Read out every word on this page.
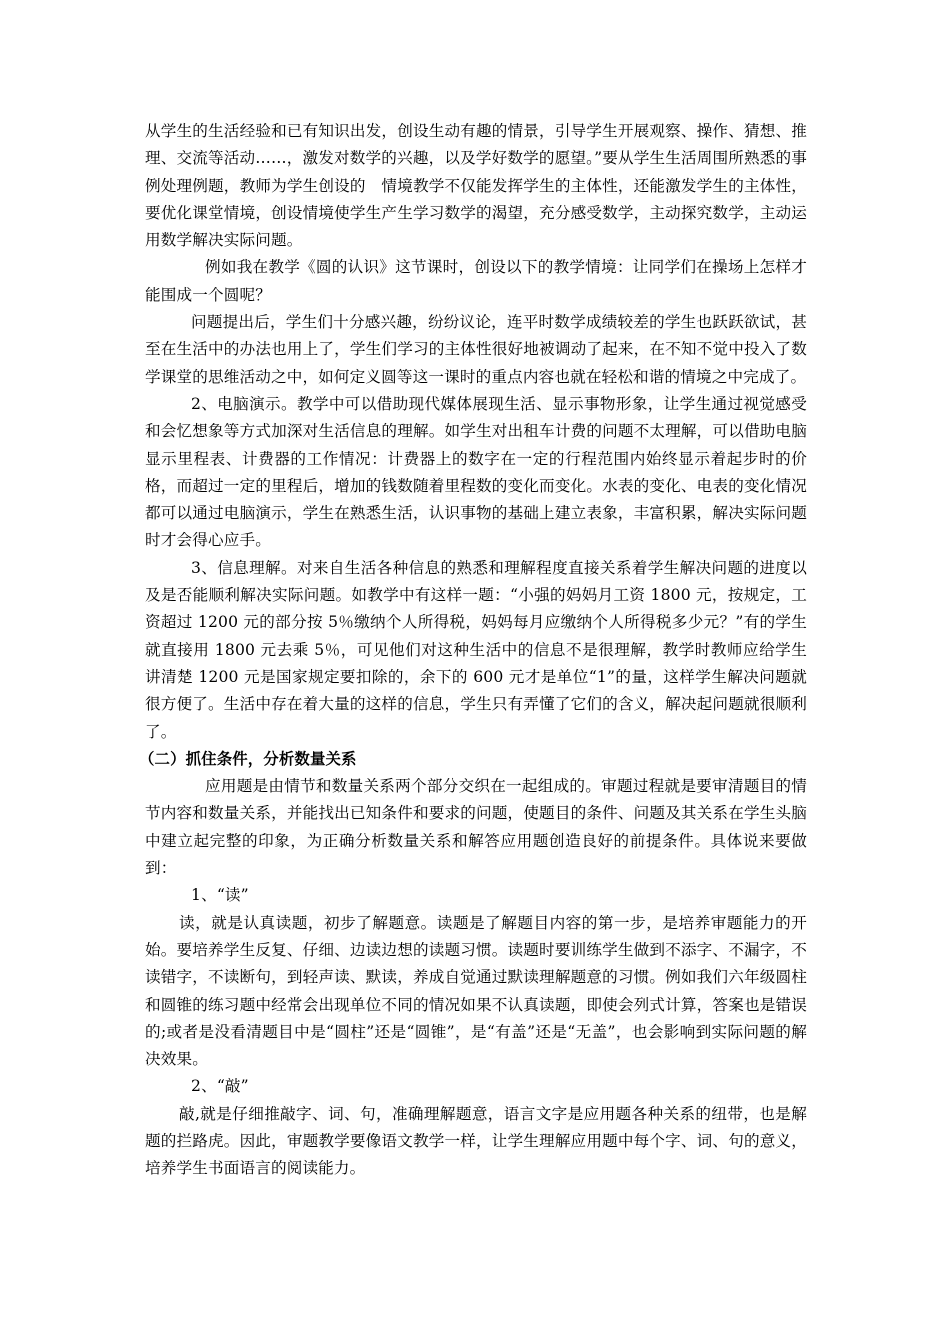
从学生的生活经验和已有知识出发，创设生动有趣的情景，引导学生开展观察、操作、猜想、推理、交流等活动……，激发对数学的兴趣，以及学好数学的愿望。”要从学生生活周围所熟悉的事例处理例题，教师为学生创设的　情境教学不仅能发挥学生的主体性，还能激发学生的主体性，要优化课堂情境，创设情境使学生产生学习数学的渴望，充分感受数学，主动探究数学，主动运用数学解决实际问题。

例如我在教学《圆的认识》这节课时，创设以下的教学情境：让同学们在操场上怎样才能围成一个圆呢？

问题提出后，学生们十分感兴趣，纷纷议论，连平时数学成绩较差的学生也跃跃欲试，甚至在生活中的办法也用上了，学生们学习的主体性很好地被调动了起来，在不知不觉中投入了数学课堂的思维活动之中，如何定义圆等这一课时的重点内容也就在轻松和谐的情境之中完成了。

2、电脑演示。教学中可以借助现代媒体展现生活、显示事物形象，让学生通过视觉感受和会忆想象等方式加深对生活信息的理解。如学生对出租车计费的问题不太理解，可以借助电脑显示里程表、计费器的工作情况：计费器上的数字在一定的行程范围内始终显示着起步时的价格，而超过一定的里程后，增加的钱数随着里程数的变化而变化。水表的变化、电表的变化情况都可以通过电脑演示，学生在熟悉生活，认识事物的基础上建立表象，丰富积累，解决实际问题时才会得心应手。

3、信息理解。对来自生活各种信息的熟悉和理解程度直接关系着学生解决问题的进度以及是否能顺利解决实际问题。如教学中有这样一题：“小强的妈妈月工资 1800 元，按规定，工资超过 1200 元的部分按 5％缴纳个人所得税，妈妈每月应缴纳个人所得税多少元？”有的学生就直接用 1800 元去乘 5％，可见他们对这种生活中的信息不是很理解，教学时教师应给学生讲清楚 1200 元是国家规定要扣除的，余下的 600 元才是单位“1”的量，这样学生解决问题就很方便了。生活中存在着大量的这样的信息，学生只有弄懂了它们的含义，解决起问题就很顺利了。

（二）抓住条件，分析数量关系

应用题是由情节和数量关系两个部分交织在一起组成的。审题过程就是要审清题目的情节内容和数量关系，并能找出已知条件和要求的问题，使题目的条件、问题及其关系在学生头脑中建立起完整的印象，为正确分析数量关系和解答应用题创造良好的前提条件。具体说来要做到：

1、“读”

读，就是认真读题，初步了解题意。读题是了解题目内容的第一步，是培养审题能力的开始。要培养学生反复、仔细、边读边想的读题习惯。读题时要训练学生做到不添字、不漏字，不读错字，不读断句，到轻声读、默读，养成自觉通过默读理解题意的习惯。例如我们六年级圆柱和圆锥的练习题中经常会出现单位不同的情况如果不认真读题，即使会列式计算，答案也是错误的;或者是没看清题目中是“圆柱”还是“圆锥”，是“有盖”还是“无盖”，也会影响到实际问题的解决效果。

2、“敲”

敲,就是仔细推敲字、词、句，准确理解题意，语言文字是应用题各种关系的纽带，也是解题的拦路虎。因此，审题教学要像语文教学一样，让学生理解应用题中每个字、词、句的意义，培养学生书面语言的阅读能力。
